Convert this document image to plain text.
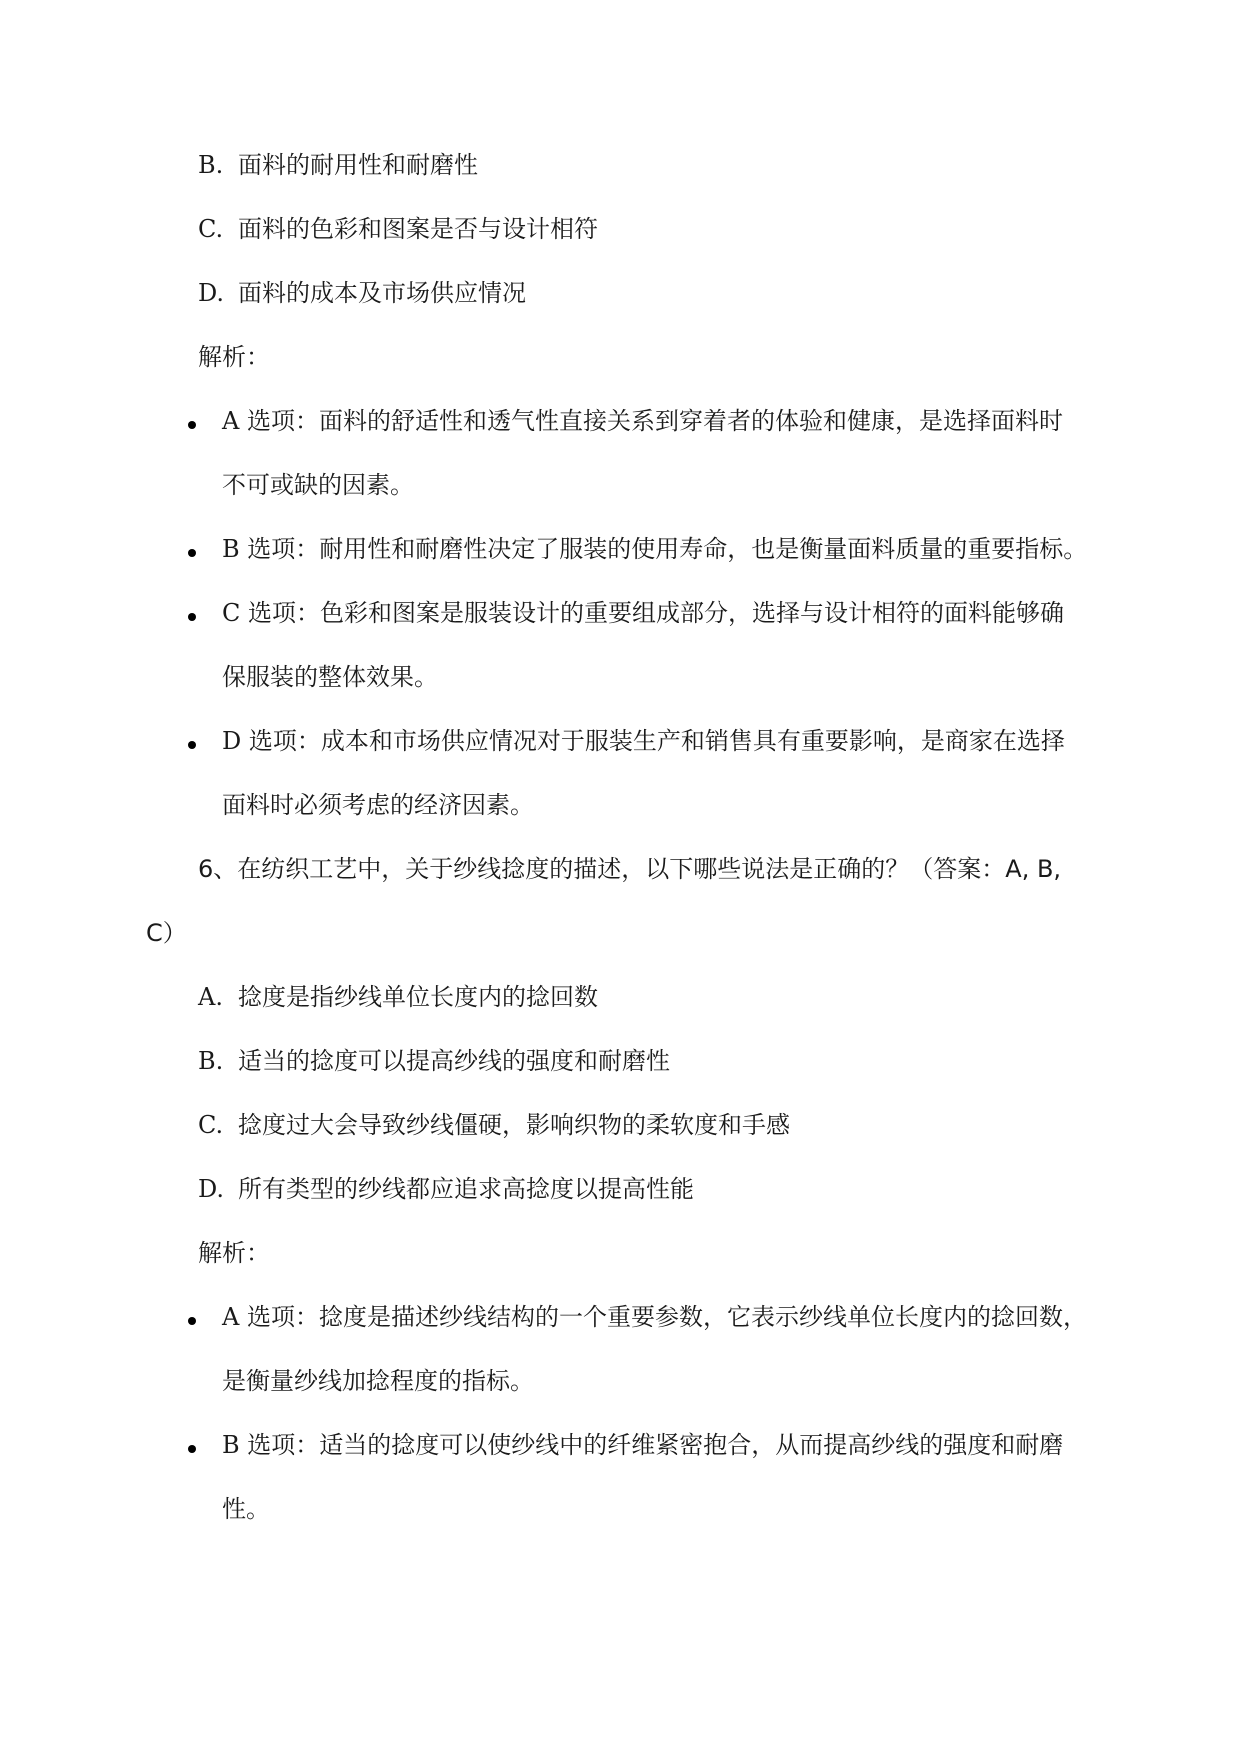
B. 面料的耐用性和耐磨性
C. 面料的色彩和图案是否与设计相符
D. 面料的成本及市场供应情况
解析：
A 选项：面料的舒适性和透气性直接关系到穿着者的体验和健康，是选择面料时
不可或缺的因素。
B 选项：耐用性和耐磨性决定了服装的使用寿命，也是衡量面料质量的重要指标。
C 选项：色彩和图案是服装设计的重要组成部分，选择与设计相符的面料能够确
保服装的整体效果。
D 选项：成本和市场供应情况对于服装生产和销售具有重要影响，是商家在选择
面料时必须考虑的经济因素。
6、在纺织工艺中，关于纱线捻度的描述，以下哪些说法是正确的？（答案：A, B,
C）
A. 捻度是指纱线单位长度内的捻回数
B. 适当的捻度可以提高纱线的强度和耐磨性
C. 捻度过大会导致纱线僵硬，影响织物的柔软度和手感
D. 所有类型的纱线都应追求高捻度以提高性能
解析：
A 选项：捻度是描述纱线结构的一个重要参数，它表示纱线单位长度内的捻回数，
是衡量纱线加捻程度的指标。
B 选项：适当的捻度可以使纱线中的纤维紧密抱合，从而提高纱线的强度和耐磨
性。
